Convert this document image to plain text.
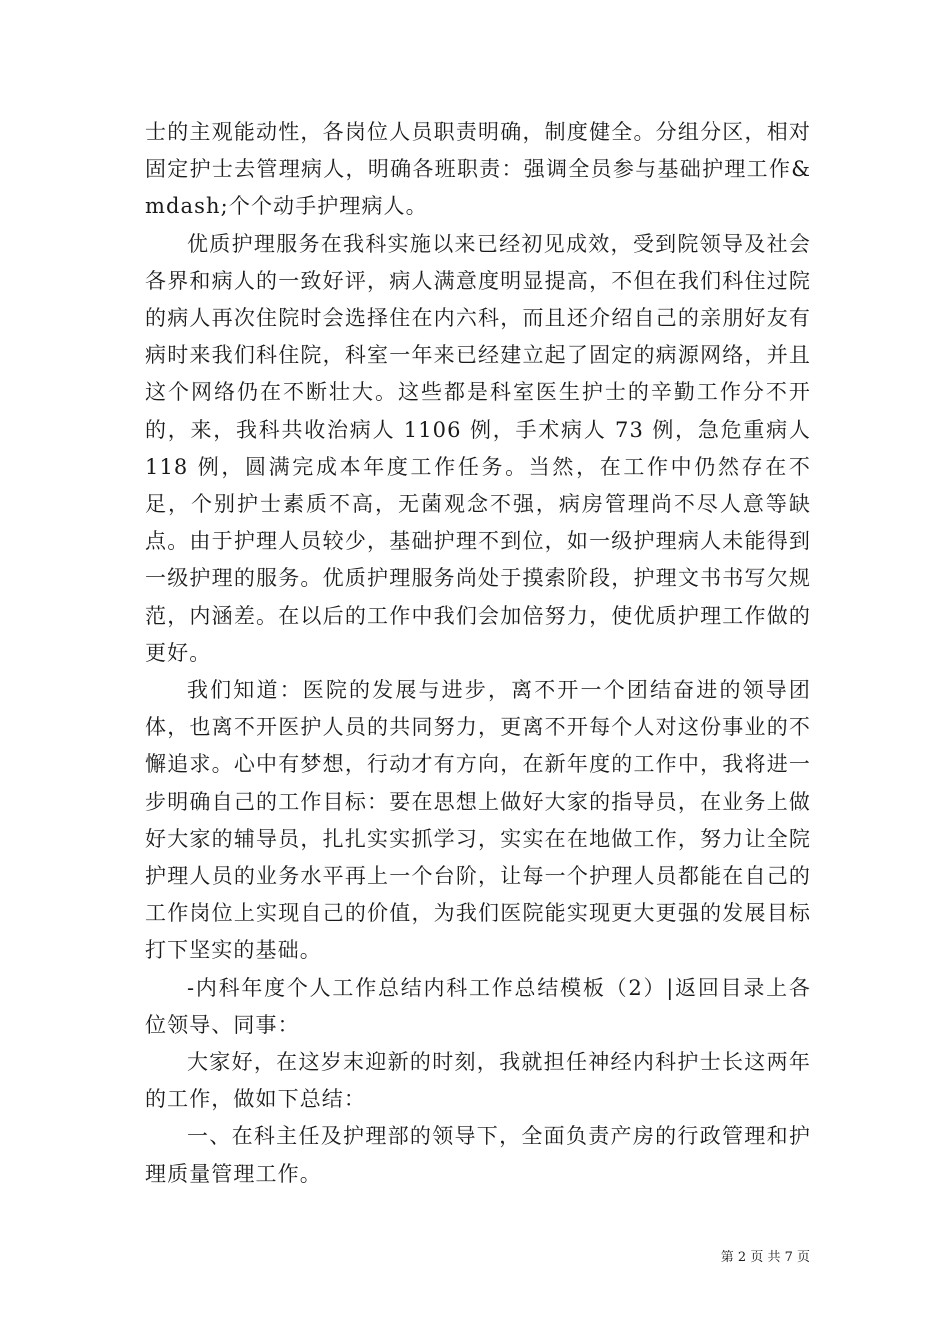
士的主观能动性，各岗位人员职责明确，制度健全。分组分区，相对固定护士去管理病人，明确各班职责：强调全员参与基础护理工作&mdash;个个动手护理病人。

优质护理服务在我科实施以来已经初见成效，受到院领导及社会各界和病人的一致好评，病人满意度明显提高，不但在我们科住过院的病人再次住院时会选择住在内六科，而且还介绍自己的亲朋好友有病时来我们科住院，科室一年来已经建立起了固定的病源网络，并且这个网络仍在不断壮大。这些都是科室医生护士的辛勤工作分不开的，来，我科共收治病人 1106 例，手术病人 73 例，急危重病人 118 例，圆满完成本年度工作任务。当然，在工作中仍然存在不足，个别护士素质不高，无菌观念不强，病房管理尚不尽人意等缺点。由于护理人员较少，基础护理不到位，如一级护理病人未能得到一级护理的服务。优质护理服务尚处于摸索阶段，护理文书书写欠规范，内涵差。在以后的工作中我们会加倍努力，使优质护理工作做的更好。

我们知道：医院的发展与进步，离不开一个团结奋进的领导团体，也离不开医护人员的共同努力，更离不开每个人对这份事业的不懈追求。心中有梦想，行动才有方向，在新年度的工作中，我将进一步明确自己的工作目标：要在思想上做好大家的指导员，在业务上做好大家的辅导员，扎扎实实抓学习，实实在在地做工作，努力让全院护理人员的业务水平再上一个台阶，让每一个护理人员都能在自己的工作岗位上实现自己的价值，为我们医院能实现更大更强的发展目标打下坚实的基础。

-内科年度个人工作总结内科工作总结模板（2）|返回目录上各位领导、同事：

大家好，在这岁末迎新的时刻，我就担任神经内科护士长这两年的工作，做如下总结：

一、在科主任及护理部的领导下，全面负责产房的行政管理和护理质量管理工作。

第 2 页 共 7 页
